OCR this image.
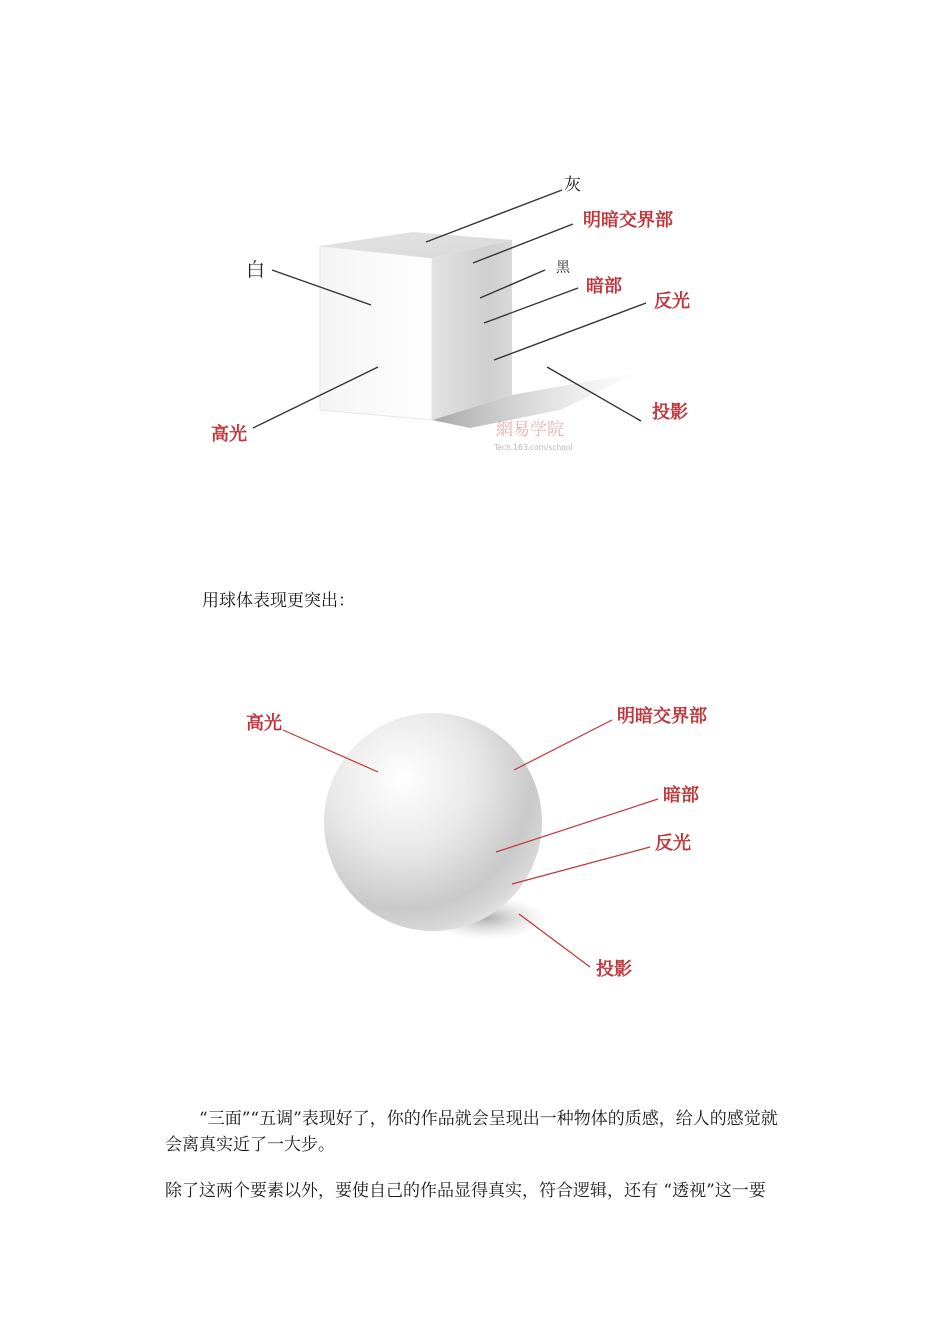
灰
明暗交界部
白	黑
暗部
反光
高光
投影
網易学院
Tech.163.com/school
高光	明暗交界部
暗部
反光
投影

用球体表现更突出：

“三面”“五调”表现好了，你的作品就会呈现出一种物体的质感，给人的感觉就会离真实近了一大步。

除了这两个要素以外，要使自己的作品显得真实，符合逻辑，还有 “透视”这一要
